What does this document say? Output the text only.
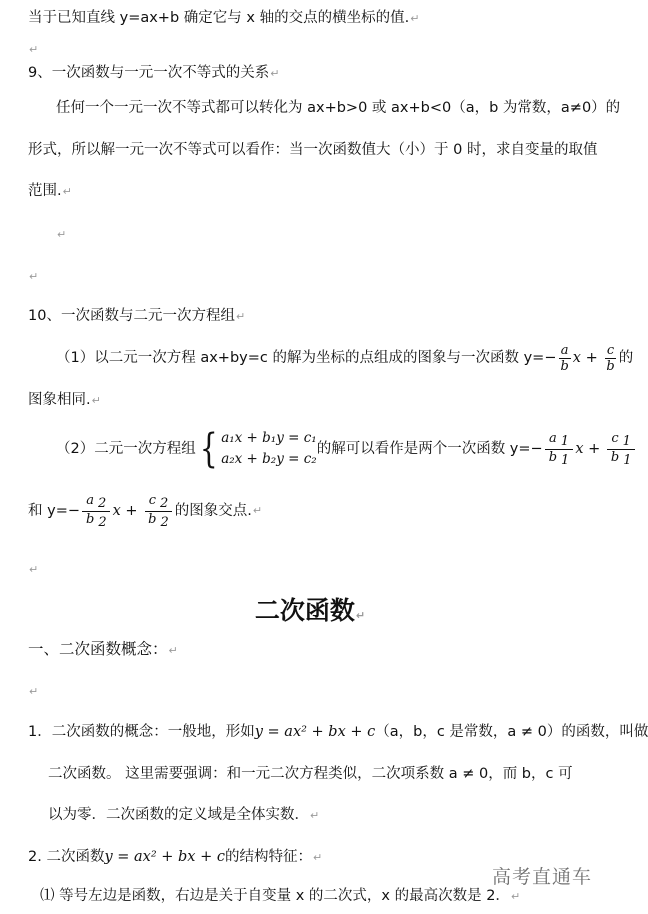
当于已知直线 y=ax+b 确定它与 x 轴的交点的横坐标的值.↵
↵
9、一次函数与一元一次不等式的关系↵
任何一个一元一次不等式都可以转化为 ax+b>0 或 ax+b<0（a，b 为常数，a≠0）的
形式，所以解一元一次不等式可以看作：当一次函数值大（小）于 0 时，求自变量的取值
范围.↵
↵
↵
10、一次函数与二元一次方程组↵
（1）以二元一次方程 ax+by=c 的解为坐标的点组成的图象与一次函数 $y= - \frac{a}{b}$ $x + \frac{c}{b}$ 的
图象相同.↵
（2）二元一次方程组 { a₁x + b₁y = c₁
a₂x + b₂y = c₂
的解可以看作是两个一次函数 $y= - \frac{a 1}{b 1}$ $x + \frac{c 1}{b 1}$
和 $y= - \frac{a 2}{b 2}$ $x + \frac{c 2}{b 2}$ 的图象交点. ↵
↵
二次函数↵
一、二次函数概念：↵
↵
1．二次函数的概念：一般地，形如y = ax² + bx + c（a，b，c 是常数，a ≠ 0）的函数，叫做
二次函数。 这里需要强调：和一元二次方程类似，二次项系数 a ≠ 0，而 b，c 可
以为零．二次函数的定义域是全体实数．↵
2. 二次函数y = ax² + bx + c的结构特征：↵
⑴ 等号左边是函数，右边是关于自变量 x 的二次式，x 的最高次数是 2．↵
高考直通车
